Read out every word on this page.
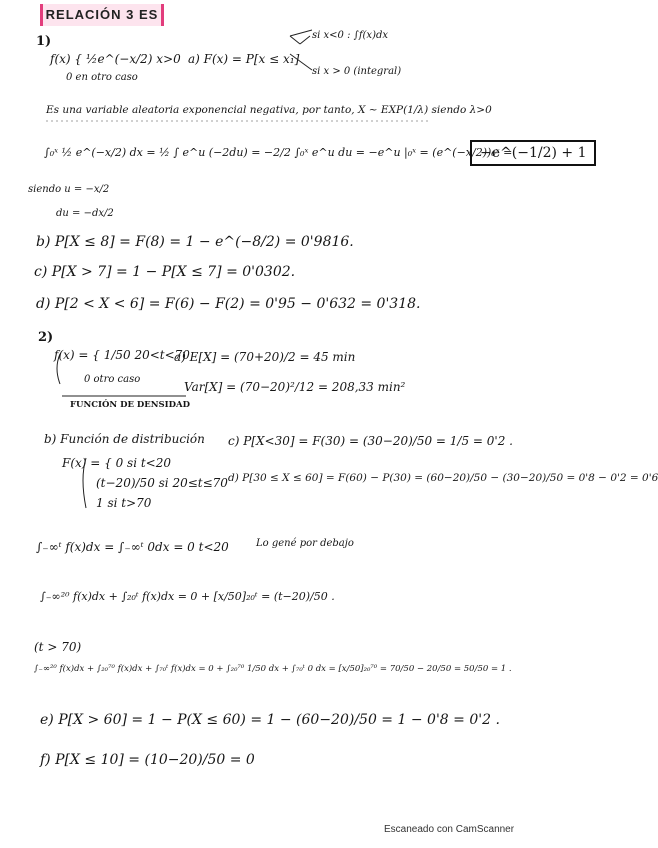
RELACIÓN 3 ES
1)
f(x) { ½e^(−x/2) x>0
0 en otro caso
a) F(x) = P[x ≤ x₁]
si x<0 : ∫f(x)dx
si x > 0 (integral)
Es una variable aleatoria exponencial negativa, por tanto, X ~ EXP(1/λ) siendo λ>0
∫₀ˣ ½ e^(−x/2) dx = ½ ∫ e^u (−2du) = −2/2 ∫₀ˣ e^u du = −e^u |₀ˣ = (e^(−x/2))₀ˣ =
−e^(−1/2) + 1
siendo u = −x/2
du = −dx/2
b) P[X ≤ 8] = F(8) = 1 − e^(−8/2) = 0'9816.
c) P[X > 7] = 1 − P[X ≤ 7] = 0'0302.
d) P[2 < X < 6] = F(6) − F(2) = 0'95 − 0'632 = 0'318.
2)
f(x) = { 1/50 20<t<70
0 otro caso
FUNCIÓN DE DENSIDAD
a) E[X] = (70+20)/2 = 45 min
Var[X] = (70−20)²/12 = 208,33 min²
b) Función de distribución
F(x) = { 0 si t<20
(t−20)/50 si 20≤t≤70
1 si t>70
c) P[X<30] = F(30) = (30−20)/50 = 1/5 = 0'2 .
d) P[30 ≤ X ≤ 60] = F(60) − P(30) = (60−20)/50 − (30−20)/50 = 0'8 − 0'2 = 0'6
∫₋∞ᵗ f(x)dx = ∫₋∞ᵗ 0dx = 0 t<20	Lo gené por debajo
∫₋∞²⁰ f(x)dx + ∫₂₀ᵗ f(x)dx = 0 + [x/50]₂₀ᵗ = (t−20)/50 .
(t > 70)
∫₋∞²⁰ f(x)dx + ∫₂₀⁷⁰ f(x)dx + ∫₇₀ᵗ f(x)dx = 0 + ∫₂₀⁷⁰ 1/50 dx + ∫₇₀ᵗ 0 dx = [x/50]₂₀⁷⁰ = 70/50 − 20/50 = 50/50 = 1 .
e) P[X > 60] = 1 − P(X ≤ 60) = 1 − (60−20)/50 = 1 − 0'8 = 0'2 .
f) P[X ≤ 10] = (10−20)/50 = 0
Escaneado con CamScanner
